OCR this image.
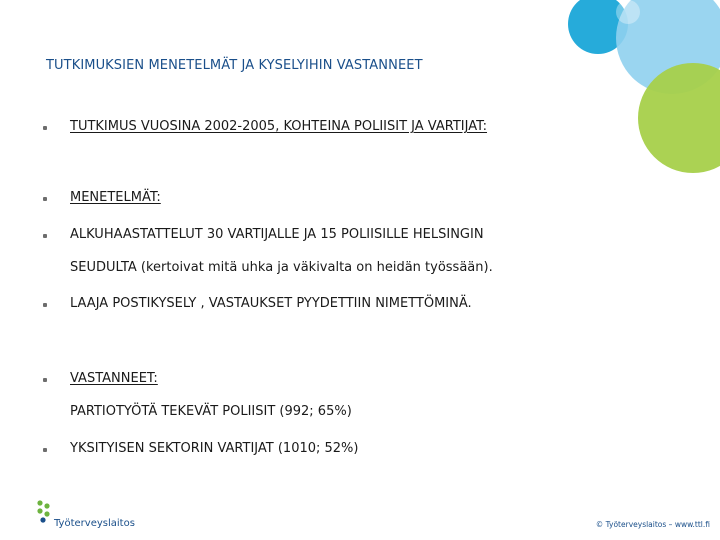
TUTKIMUKSIEN MENETELMÄT JA KYSELYIHIN VASTANNEET
TUTKIMUS VUOSINA 2002-2005, KOHTEINA POLIISIT JA VARTIJAT:
MENETELMÄT:
ALKUHAASTATTELUT 30 VARTIJALLE JA 15 POLIISILLE HELSINGIN
SEUDULTA (kertoivat mitä uhka ja väkivalta on heidän työssään).
LAAJA POSTIKYSELY , VASTAUKSET PYYDETTIIN NIMETTÖMINÄ.
VASTANNEET:
PARTIOTYÖTÄ TEKEVÄT POLIISIT (992; 65%)
YKSITYISEN SEKTORIN VARTIJAT (1010; 52%)
Työterveyslaitos	© Työterveyslaitos – www.ttl.fi
